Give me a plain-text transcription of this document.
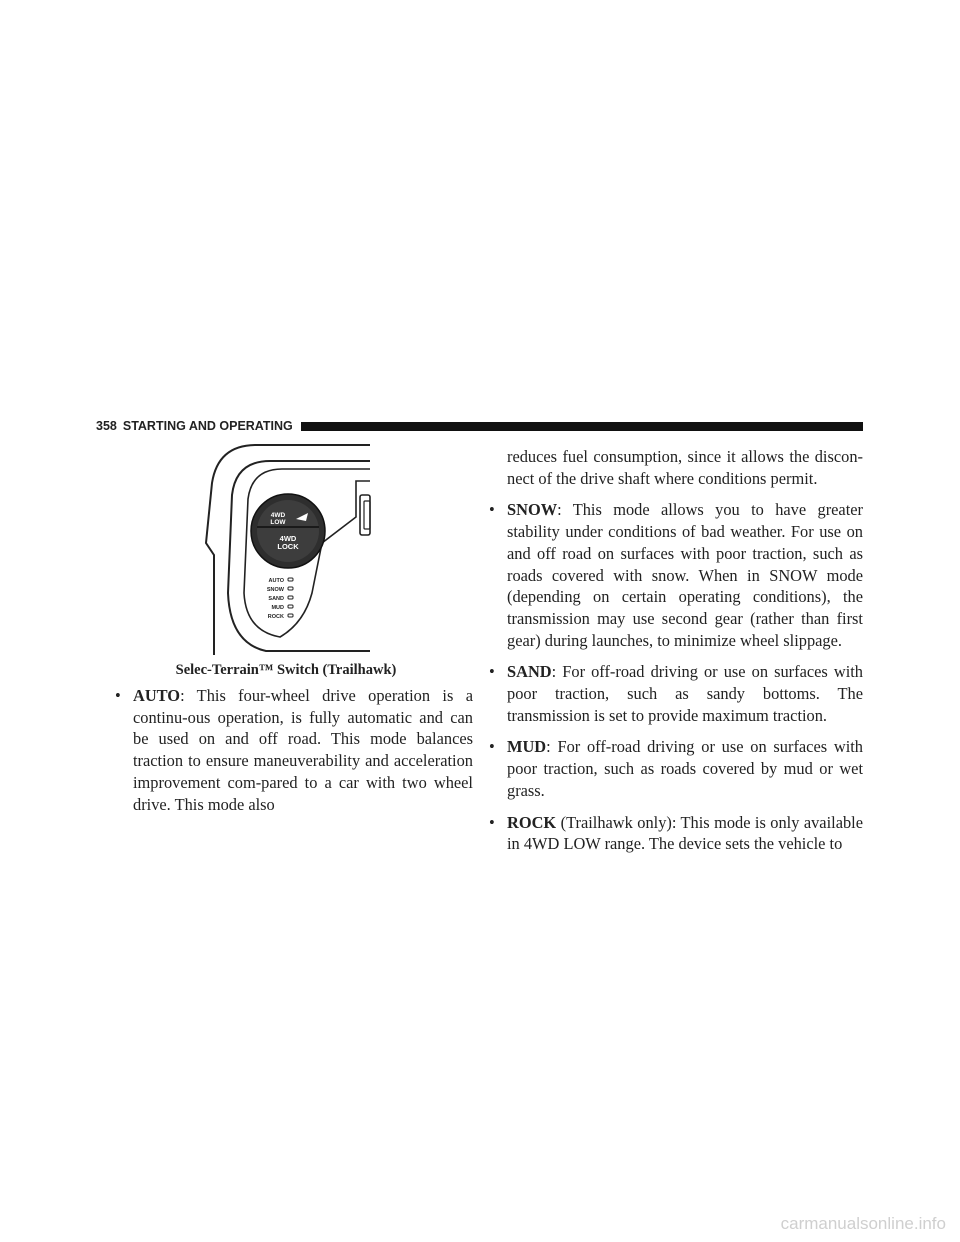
358 STARTING AND OPERATING
4WD
LOW
4WD
LOCK
AUTO
SNOW
SAND
MUD
ROCK
Selec-Terrain™ Switch (Trailhawk)
• AUTO: This four-wheel drive operation is a continu-ous operation, is fully automatic and can be used on and off road. This mode balances traction to ensure maneuverability and acceleration improvement com-pared to a car with two wheel drive. This mode also
reduces fuel consumption, since it allows the discon-nect of the drive shaft where conditions permit.
• SNOW: This mode allows you to have greater stability under conditions of bad weather. For use on and off road on surfaces with poor traction, such as roads covered with snow. When in SNOW mode (depending on certain operating conditions), the transmission may use second gear (rather than first gear) during launches, to minimize wheel slippage.
• SAND: For off-road driving or use on surfaces with poor traction, such as sandy bottoms. The transmission is set to provide maximum traction.
• MUD: For off-road driving or use on surfaces with poor traction, such as roads covered by mud or wet grass.
• ROCK (Trailhawk only): This mode is only available in 4WD LOW range. The device sets the vehicle to
carmanualsonline.info
